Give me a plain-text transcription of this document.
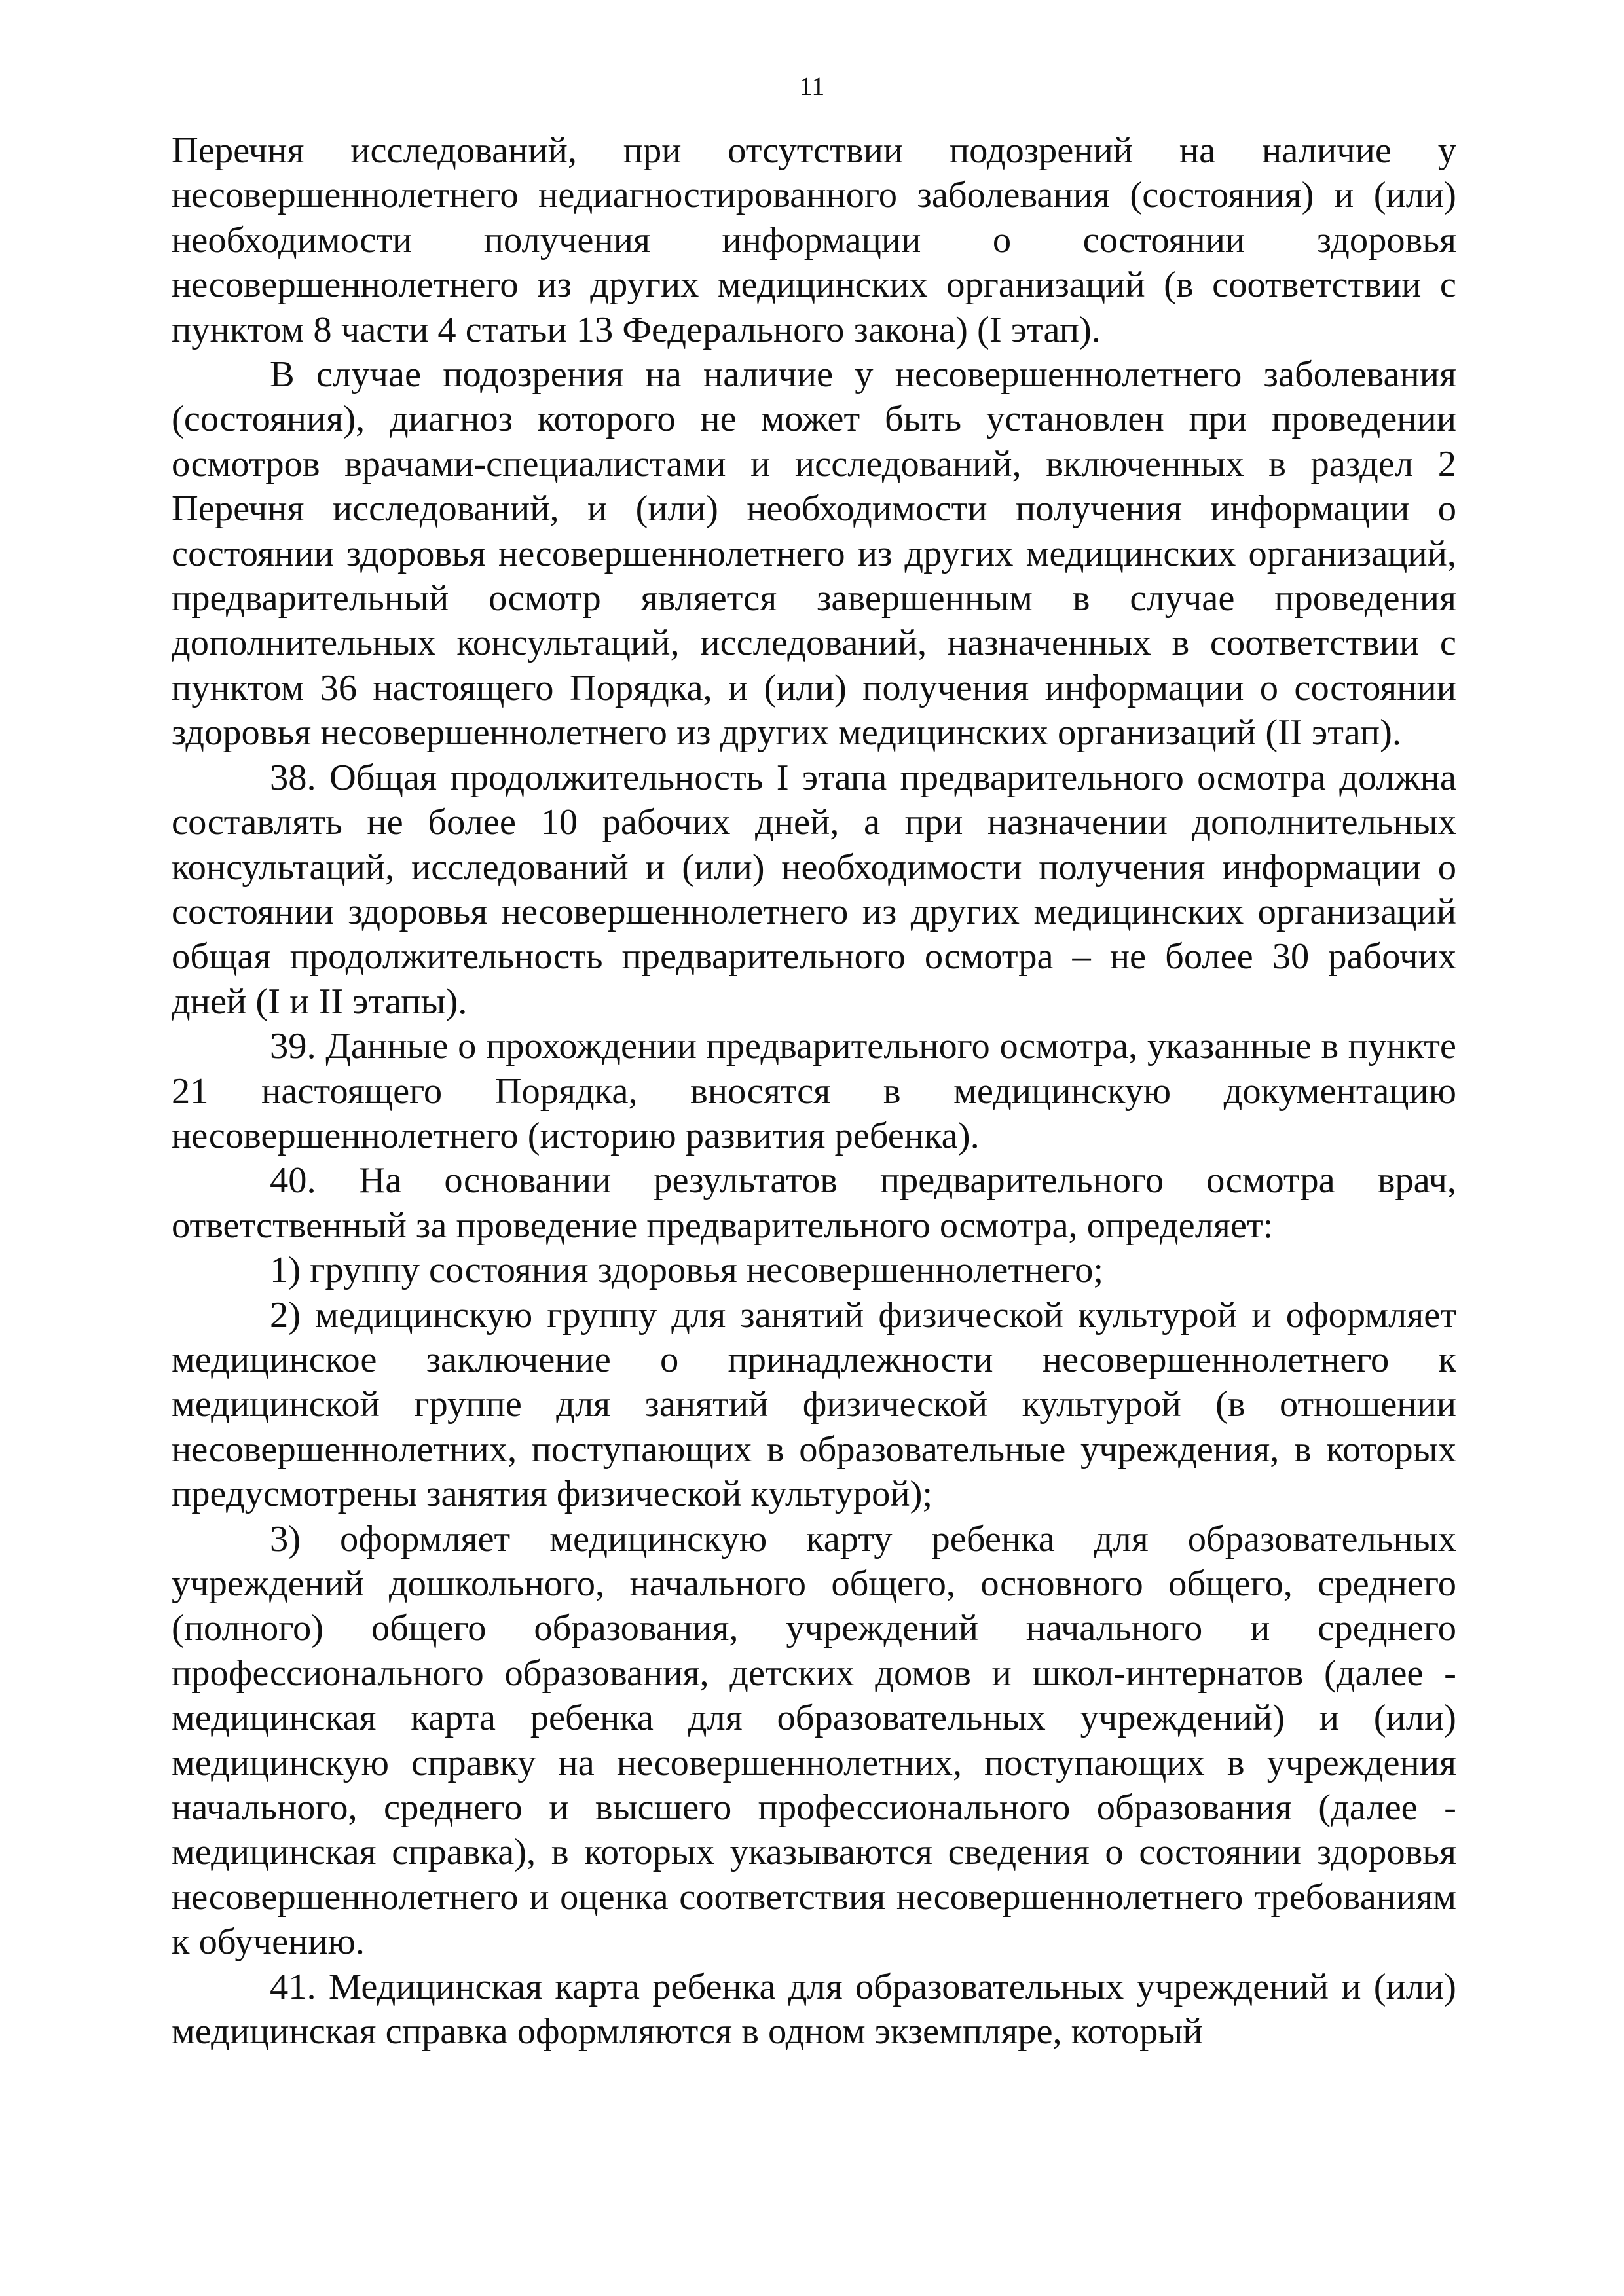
11

Перечня исследований, при отсутствии подозрений на наличие у несовершеннолетнего недиагностированного заболевания (состояния) и (или) необходимости получения информации о состоянии здоровья несовершеннолетнего из других медицинских организаций (в соответствии с пунктом 8 части 4 статьи 13 Федерального закона) (I этап).

В случае подозрения на наличие у несовершеннолетнего заболевания (состояния), диагноз которого не может быть установлен при проведении осмотров врачами-специалистами и исследований, включенных в раздел 2 Перечня исследований, и (или) необходимости получения информации о состоянии здоровья несовершеннолетнего из других медицинских организаций, предварительный осмотр является завершенным в случае проведения дополнительных консультаций, исследований, назначенных в соответствии с пунктом 36 настоящего Порядка, и (или) получения информации о состоянии здоровья несовершеннолетнего из других медицинских организаций (II этап).

38. Общая продолжительность I этапа предварительного осмотра должна составлять не более 10 рабочих дней, а при назначении дополнительных консультаций, исследований и (или) необходимости получения информации о состоянии здоровья несовершеннолетнего из других медицинских организаций общая продолжительность предварительного осмотра – не более 30 рабочих дней (I и II этапы).

39. Данные о прохождении предварительного осмотра, указанные в пункте 21 настоящего Порядка, вносятся в медицинскую документацию несовершеннолетнего (историю развития ребенка).

40. На основании результатов предварительного осмотра врач, ответственный за проведение предварительного осмотра, определяет:

1) группу состояния здоровья несовершеннолетнего;

2) медицинскую группу для занятий физической культурой и оформляет медицинское заключение о принадлежности несовершеннолетнего к медицинской группе для занятий физической культурой (в отношении несовершеннолетних, поступающих в образовательные учреждения, в которых предусмотрены занятия физической культурой);

3) оформляет медицинскую карту ребенка для образовательных учреждений дошкольного, начального общего, основного общего, среднего (полного) общего образования, учреждений начального и среднего профессионального образования, детских домов и школ-интернатов (далее - медицинская карта ребенка для образовательных учреждений) и (или) медицинскую справку на несовершеннолетних, поступающих в учреждения начального, среднего и высшего профессионального образования (далее - медицинская справка), в которых указываются сведения о состоянии здоровья несовершеннолетнего и оценка соответствия несовершеннолетнего требованиям к обучению.

41. Медицинская карта ребенка для образовательных учреждений и (или) медицинская справка оформляются в одном экземпляре, который
